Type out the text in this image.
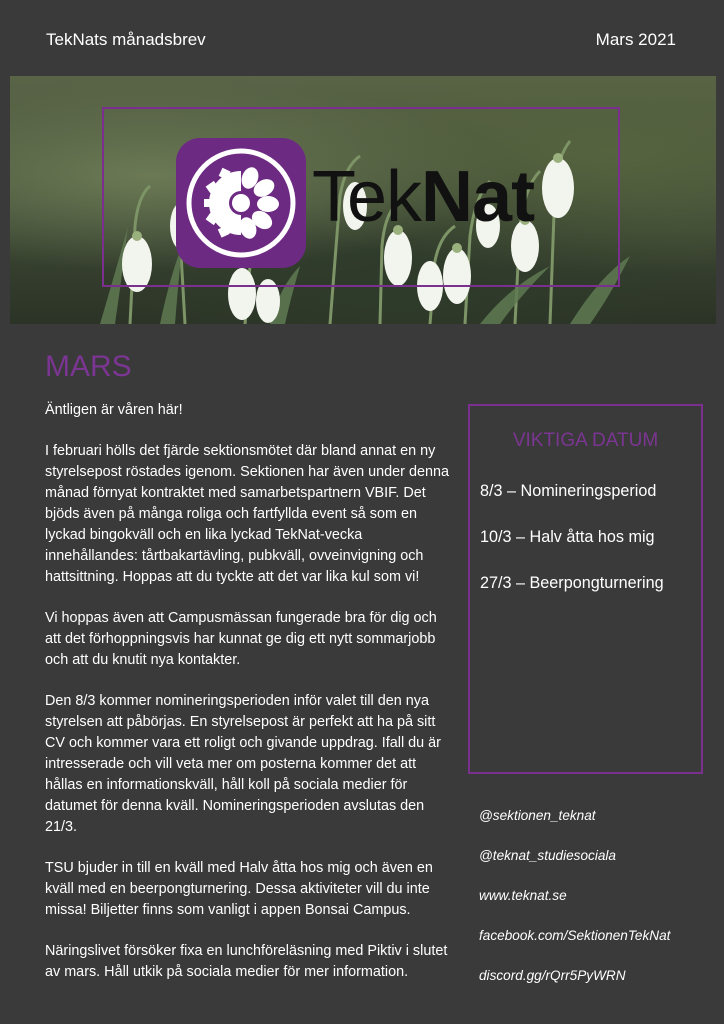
TekNats månadsbrev	Mars 2021
TekNat
MARS

Äntligen är våren här!

I februari hölls det fjärde sektionsmötet där bland annat en ny styrelsepost röstades igenom. Sektionen har även under denna månad förnyat kontraktet med samarbetspartnern VBIF. Det bjöds även på många roliga och fartfyllda event så som en lyckad bingokväll och en lika lyckad TekNat-vecka innehållandes: tårtbakartävling, pubkväll, ovveinvigning och hattsittning. Hoppas att du tyckte att det var lika kul som vi!

Vi hoppas även att Campusmässan fungerade bra för dig och att det förhoppningsvis har kunnat ge dig ett nytt sommarjobb och att du knutit nya kontakter.

Den 8/3 kommer nomineringsperioden inför valet till den nya styrelsen att påbörjas. En styrelsepost är perfekt att ha på sitt CV och kommer vara ett roligt och givande uppdrag. Ifall du är intresserade och vill veta mer om posterna kommer det att hållas en informationskväll, håll koll på sociala medier för datumet för denna kväll. Nomineringsperioden avslutas den 21/3.

TSU bjuder in till en kväll med Halv åtta hos mig och även en kväll med en beerpongturnering. Dessa aktiviteter vill du inte missa! Biljetter finns som vanligt i appen Bonsai Campus.

Näringslivet försöker fixa en lunchföreläsning med Piktiv i slutet av mars. Håll utkik på sociala medier för mer information.

VIKTIGA DATUM
8/3 – Nomineringsperiod
10/3 – Halv åtta hos mig
27/3 – Beerpongturnering
@sektionen_teknat
@teknat_studiesociala
www.teknat.se
facebook.com/SektionenTekNat
discord.gg/rQrr5PyWRN
